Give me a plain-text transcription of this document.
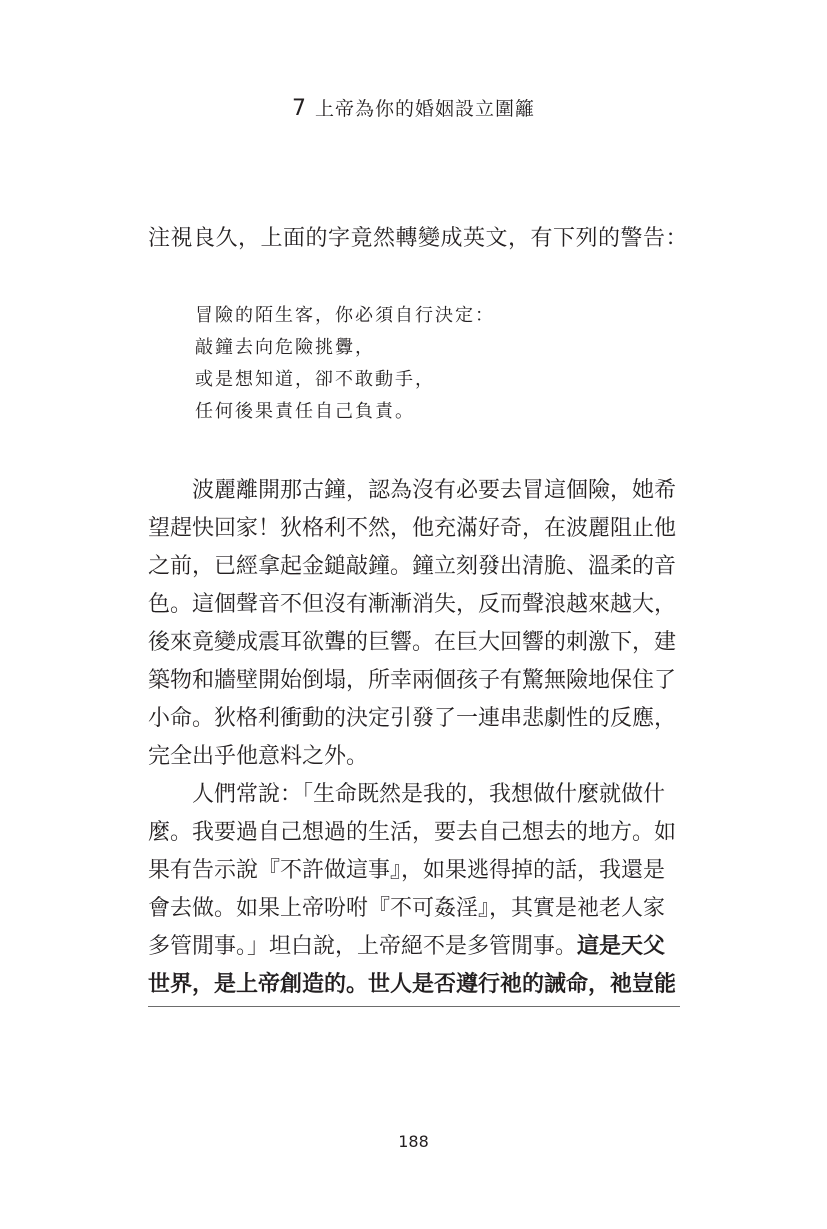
7 上帝為你的婚姻設立圍籬
注視良久，上面的字竟然轉變成英文，有下列的警告：
冒險的陌生客，你必須自行決定：
敲鐘去向危險挑釁，
或是想知道，卻不敢動手，
任何後果責任自己負責。
波麗離開那古鐘，認為沒有必要去冒這個險，她希
望趕快回家！狄格利不然，他充滿好奇，在波麗阻止他
之前，已經拿起金鎚敲鐘。鐘立刻發出清脆、溫柔的音
色。這個聲音不但沒有漸漸消失，反而聲浪越來越大，
後來竟變成震耳欲聾的巨響。在巨大回響的刺激下，建
築物和牆壁開始倒塌，所幸兩個孩子有驚無險地保住了
小命。狄格利衝動的決定引發了一連串悲劇性的反應，
完全出乎他意料之外。
人們常說：「生命既然是我的，我想做什麼就做什
麼。我要過自己想過的生活，要去自己想去的地方。如
果有告示說『不許做這事』，如果逃得掉的話，我還是
會去做。如果上帝吩咐『不可姦淫』，其實是祂老人家
多管閒事。」坦白說，上帝絕不是多管閒事。這是天父
世界，是上帝創造的。世人是否遵行祂的誡命，祂豈能
188
